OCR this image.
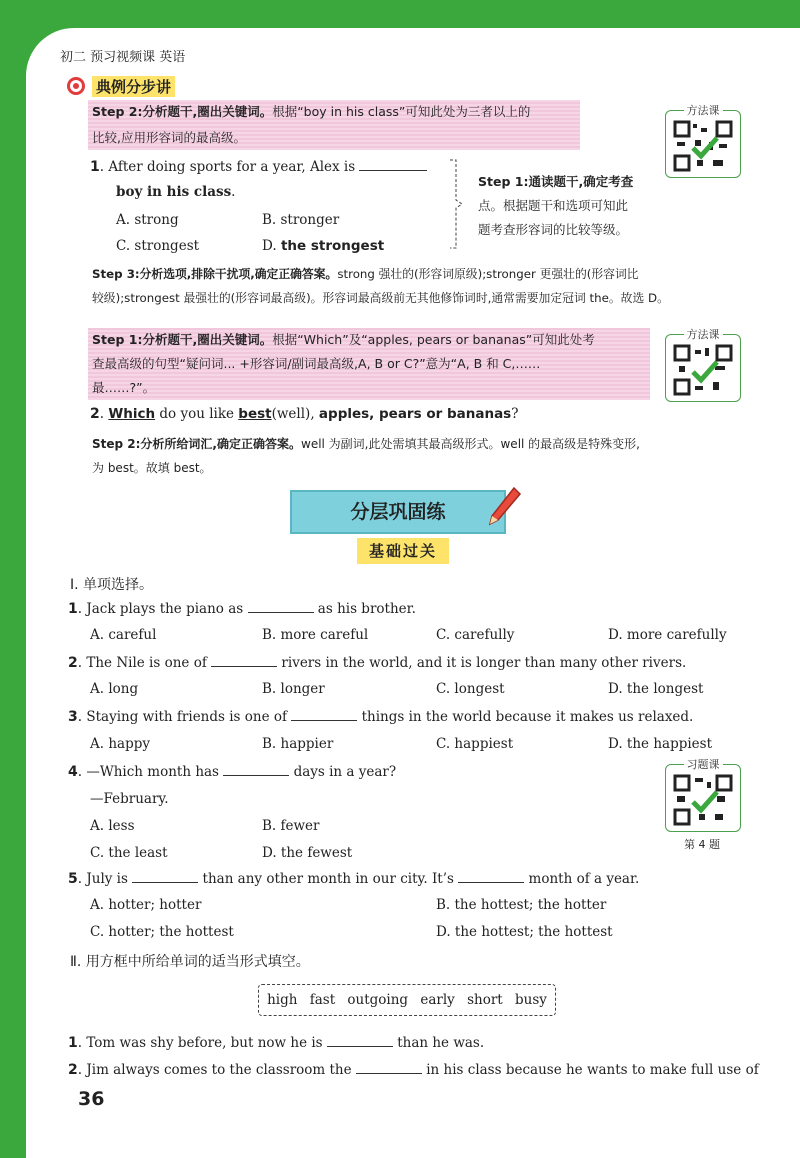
初二 预习视频课 英语
典例分步讲
Step 2:分析题干,圈出关键词。根据“boy in his class”可知此处为三者以上的
比较,应用形容词的最高级。
方法课
1. After doing sports for a year, Alex is
boy in his class.
A. strong	B. stronger
C. strongest	D. the strongest
Step 1:通读题干,确定考查
点。根据题干和选项可知此
题考查形容词的比较等级。
Step 3:分析选项,排除干扰项,确定正确答案。strong 强壮的(形容词原级);stronger 更强壮的(形容词比
较级);strongest 最强壮的(形容词最高级)。形容词最高级前无其他修饰词时,通常需要加定冠词 the。故选 D。
Step 1:分析题干,圈出关键词。根据“Which”及“apples, pears or bananas”可知此处考
查最高级的句型“疑问词... +形容词/副词最高级,A, B or C?”意为“A, B 和 C,……
最……?”。
方法课
2. Which do you like best(well), apples, pears or bananas?
Step 2:分析所给词汇,确定正确答案。well 为副词,此处需填其最高级形式。well 的最高级是特殊变形,
为 best。故填 best。
分层巩固练
基础过关
Ⅰ. 单项选择。
1. Jack plays the piano as	as his brother.
A. careful	B. more careful	C. carefully	D. more carefully
2. The Nile is one of	rivers in the world, and it is longer than many other rivers.
A. long	B. longer	C. longest	D. the longest
3. Staying with friends is one of	things in the world because it makes us relaxed.
A. happy	B. happier	C. happiest	D. the happiest
4. —Which month has	days in a year?
—February.
A. less	B. fewer
C. the least	D. the fewest
习题课
第 4 题
5. July is	than any other month in our city. It’s	month of a year.
A. hotter; hotter	B. the hottest; the hotter
C. hotter; the hottest	D. the hottest; the hottest
Ⅱ. 用方框中所给单词的适当形式填空。
high fast outgoing early short busy
1. Tom was shy before, but now he is	than he was.
2. Jim always comes to the classroom the	in his class because he wants to make full use of
36
